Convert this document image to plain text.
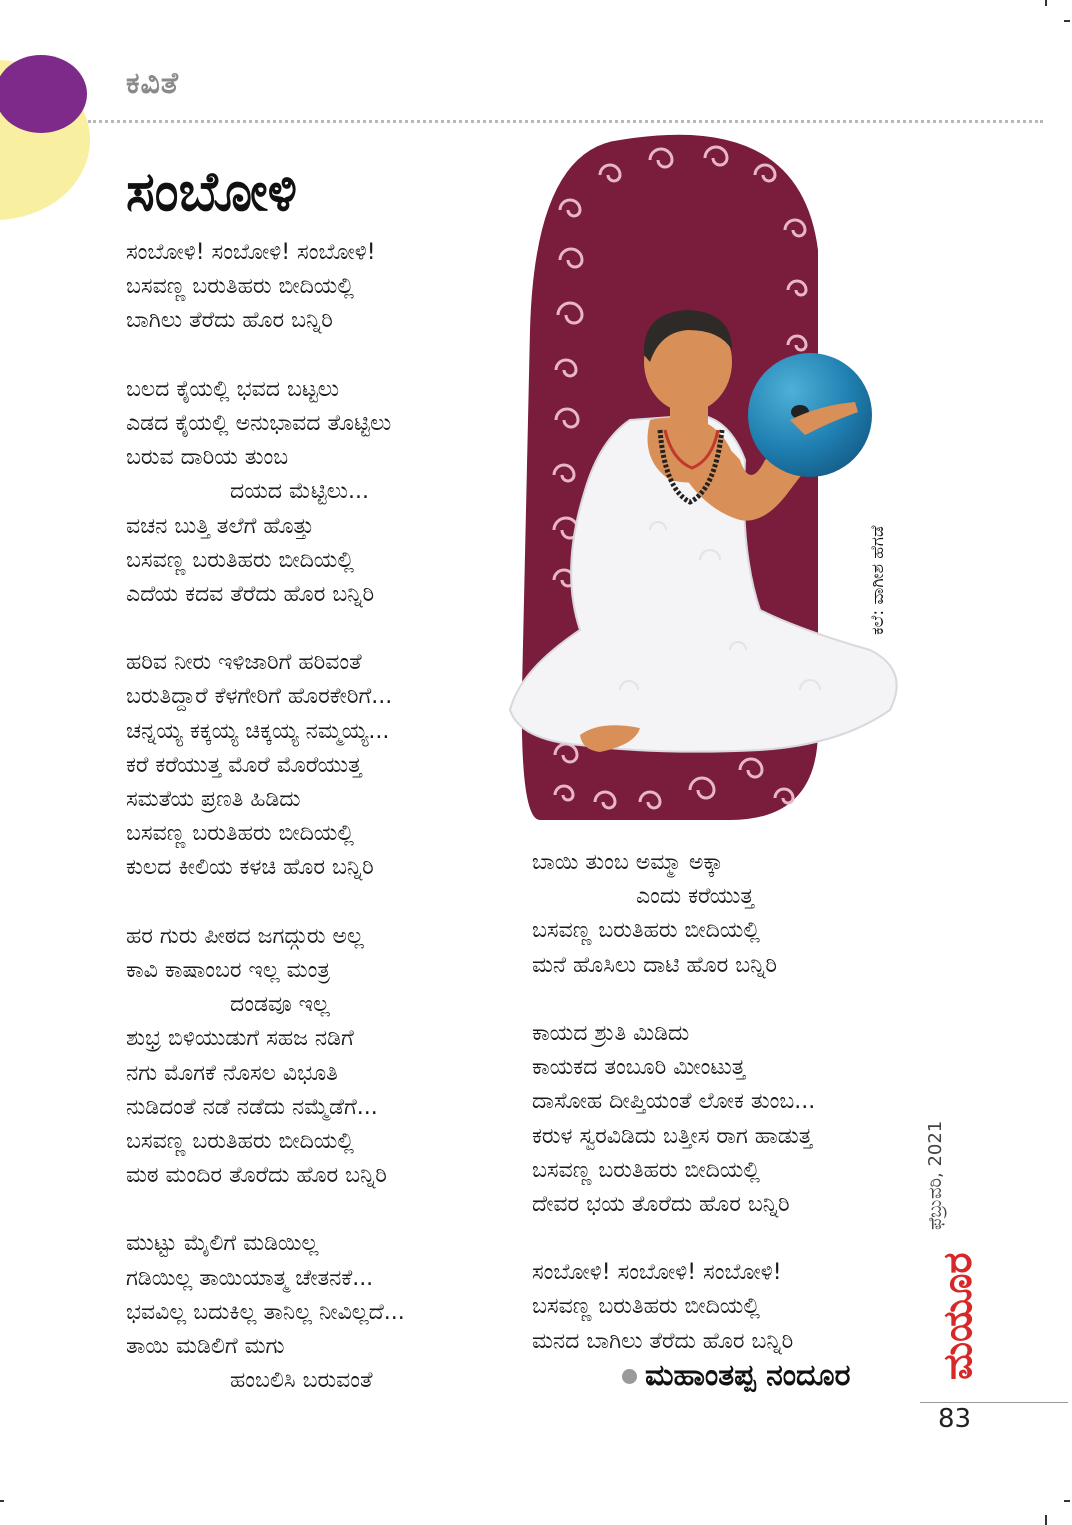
ಕವಿತೆ
ಸಂಬೋಳಿ
ಸಂಬೋಳಿ! ಸಂಬೋಳಿ! ಸಂಬೋಳಿ!
ಬಸವಣ್ಣ ಬರುತಿಹರು ಬೀದಿಯಲ್ಲಿ
ಬಾಗಿಲು ತೆರೆದು ಹೊರ ಬನ್ನಿರಿ
ಬಲದ ಕೈಯಲ್ಲಿ ಭವದ ಬಟ್ಟಲು
ಎಡದ ಕೈಯಲ್ಲಿ ಅನುಭಾವದ ತೊಟ್ಟಿಲು
ಬರುವ ದಾರಿಯ ತುಂಬ
ದಯದ ಮೆಟ್ಟಿಲು...
ವಚನ ಬುತ್ತಿ ತಲೆಗೆ ಹೊತ್ತು
ಬಸವಣ್ಣ ಬರುತಿಹರು ಬೀದಿಯಲ್ಲಿ
ಎದೆಯ ಕದವ ತೆರೆದು ಹೊರ ಬನ್ನಿರಿ
ಹರಿವ ನೀರು ಇಳಿಜಾರಿಗೆ ಹರಿವಂತೆ
ಬರುತಿದ್ದಾರೆ ಕೆಳಗೇರಿಗೆ ಹೊರಕೇರಿಗೆ...
ಚನ್ನಯ್ಯ ಕಕ್ಕಯ್ಯ ಚಿಕ್ಕಯ್ಯ ನಮ್ಮಯ್ಯ...
ಕರೆ ಕರೆಯುತ್ತ ಮೊರೆ ಮೊರೆಯುತ್ತ
ಸಮತೆಯ ಪ್ರಣತಿ ಹಿಡಿದು
ಬಸವಣ್ಣ ಬರುತಿಹರು ಬೀದಿಯಲ್ಲಿ
ಕುಲದ ಕೀಲಿಯ ಕಳಚಿ ಹೊರ ಬನ್ನಿರಿ
ಹರ ಗುರು ಪೀಠದ ಜಗದ್ಗುರು ಅಲ್ಲ
ಕಾವಿ ಕಾಷಾಂಬರ ಇಲ್ಲ ಮಂತ್ರ
ದಂಡವೂ ಇಲ್ಲ
ಶುಭ್ರ ಬಿಳಿಯುಡುಗೆ ಸಹಜ ನಡಿಗೆ
ನಗು ಮೊಗಕೆ ನೊಸಲ ವಿಭೂತಿ
ನುಡಿದಂತೆ ನಡೆ ನಡೆದು ನಮ್ಮೆಡೆಗೆ...
ಬಸವಣ್ಣ ಬರುತಿಹರು ಬೀದಿಯಲ್ಲಿ
ಮಠ ಮಂದಿರ ತೊರೆದು ಹೊರ ಬನ್ನಿರಿ
ಮುಟ್ಟು ಮೈಲಿಗೆ ಮಡಿಯಿಲ್ಲ
ಗಡಿಯಿಲ್ಲ ತಾಯಿಯಾತ್ಮ ಚೇತನಕೆ...
ಭವವಿಲ್ಲ ಬದುಕಿಲ್ಲ ತಾನಿಲ್ಲ ನೀವಿಲ್ಲದೆ...
ತಾಯಿ ಮಡಿಲಿಗೆ ಮಗು
ಹಂಬಲಿಸಿ ಬರುವಂತೆ
ಬಾಯಿ ತುಂಬ ಅಮ್ಮಾ ಅಕ್ಕಾ
ಎಂದು ಕರೆಯುತ್ತ
ಬಸವಣ್ಣ ಬರುತಿಹರು ಬೀದಿಯಲ್ಲಿ
ಮನೆ ಹೊಸಿಲು ದಾಟಿ ಹೊರ ಬನ್ನಿರಿ
ಕಾಯದ ಶ್ರುತಿ ಮಿಡಿದು
ಕಾಯಕದ ತಂಬೂರಿ ಮೀಂಟುತ್ತ
ದಾಸೋಹ ದೀಪ್ತಿಯಂತೆ ಲೋಕ ತುಂಬ...
ಕರುಳ ಸ್ವರವಿಡಿದು ಬತ್ತೀಸ ರಾಗ ಹಾಡುತ್ತ
ಬಸವಣ್ಣ ಬರುತಿಹರು ಬೀದಿಯಲ್ಲಿ
ದೇವರ ಭಯ ತೊರೆದು ಹೊರ ಬನ್ನಿರಿ
ಸಂಬೋಳಿ! ಸಂಬೋಳಿ! ಸಂಬೋಳಿ!
ಬಸವಣ್ಣ ಬರುತಿಹರು ಬೀದಿಯಲ್ಲಿ
ಮನದ ಬಾಗಿಲು ತೆರೆದು ಹೊರ ಬನ್ನಿರಿ
ಕಲೆ: ವಾಗೀಶ ಹೆಗಡೆ
ಮಹಾಂತಪ್ಪ ನಂದೂರ
ಫೆಬ್ರುವರಿ, 2021
ಮಯೂರ
83
